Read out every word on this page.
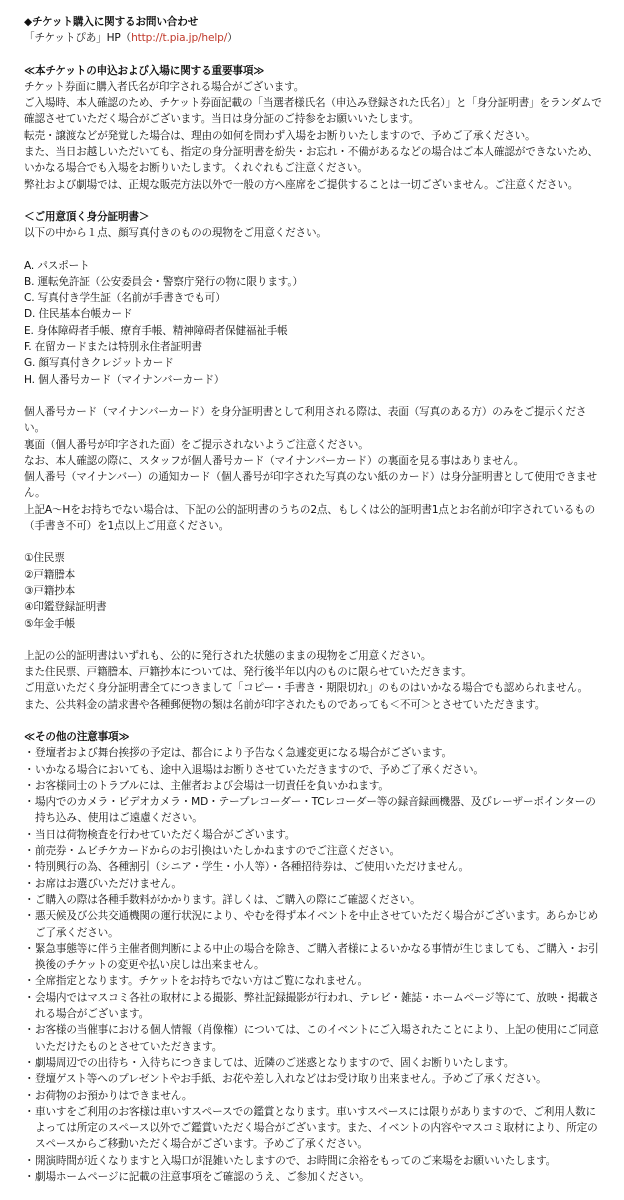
◆チケット購入に関するお問い合わせ
「チケットぴあ」HP（http://t.pia.jp/help/）
≪本チケットの申込および入場に関する重要事項≫
チケット券面に購入者氏名が印字される場合がございます。
ご入場時、本人確認のため、チケット券面記載の「当選者様氏名（申込み登録された氏名）」と「身分証明書」をランダムで確認させていただく場合がございます。当日は身分証のご持参をお願いいたします。
転売・譲渡などが発覚した場合は、理由の如何を問わず入場をお断りいたしますので、予めご了承ください。
また、当日お越しいただいても、指定の身分証明書を紛失・お忘れ・不備があるなどの場合はご本人確認ができないため、いかなる場合でも入場をお断りいたします。くれぐれもご注意ください。
弊社および劇場では、正規な販売方法以外で一般の方へ座席をご提供することは一切ございません。ご注意ください。
＜ご用意頂く身分証明書＞
以下の中から１点、顔写真付きのものの現物をご用意ください。
A. パスポート
B. 運転免許証（公安委員会・警察庁発行の物に限ります。）
C. 写真付き学生証（名前が手書きでも可）
D. 住民基本台帳カード
E. 身体障碍者手帳、療育手帳、精神障碍者保健福祉手帳
F. 在留カードまたは特別永住者証明書
G. 顔写真付きクレジットカード
H. 個人番号カード（マイナンバーカード）
個人番号カード（マイナンバーカード）を身分証明書として利用される際は、表面（写真のある方）のみをご提示ください。
裏面（個人番号が印字された面）をご提示されないようご注意ください。
なお、本人確認の際に、スタッフが個人番号カード（マイナンバーカード）の裏面を見る事はありません。
個人番号（マイナンバー）の通知カード（個人番号が印字された写真のない紙のカード）は身分証明書として使用できません。
上記A～Hをお持ちでない場合は、下記の公的証明書のうちの2点、もしくは公的証明書1点とお名前が印字されているもの（手書き不可）を1点以上ご用意ください。
①住民票
②戸籍謄本
③戸籍抄本
④印鑑登録証明書
⑤年金手帳
上記の公的証明書はいずれも、公的に発行された状態のままの現物をご用意ください。
また住民票、戸籍謄本、戸籍抄本については、発行後半年以内のものに限らせていただきます。
ご用意いただく身分証明書全てにつきまして「コピー・手書き・期限切れ」のものはいかなる場合でも認められません。
また、公共料金の請求書や各種郵便物の類は名前が印字されたものであっても＜不可＞とさせていただきます。
≪その他の注意事項≫
・ 登壇者および舞台挨拶の予定は、都合により予告なく急遽変更になる場合がございます。
・ いかなる場合においても、途中入退場はお断りさせていただきますので、予めご了承ください。
・ お客様同士のトラブルには、主催者および会場は一切責任を負いかねます。
・ 場内でのカメラ・ビデオカメラ・MD・テープレコーダー・TCレコーダー等の録音録画機器、及びレーザーポインターの持ち込み、使用はご遠慮ください。
・ 当日は荷物検査を行わせていただく場合がございます。
・ 前売券・ムビチケカードからのお引換はいたしかねますのでご注意ください。
・ 特別興行の為、各種割引（シニア・学生・小人等）・各種招待券は、ご使用いただけません。
・ お席はお選びいただけません。
・ ご購入の際は各種手数料がかかります。詳しくは、ご購入の際にご確認ください。
・ 悪天候及び公共交通機関の運行状況により、やむを得ず本イベントを中止させていただく場合がございます。あらかじめご了承ください。
・ 緊急事態等に伴う主催者側判断による中止の場合を除き、ご購入者様によるいかなる事情が生じましても、ご購入・お引換後のチケットの変更や払い戻しは出来ません。
・ 全席指定となります。チケットをお持ちでない方はご覧になれません。
・ 会場内ではマスコミ各社の取材による撮影、弊社記録撮影が行われ、テレビ・雑誌・ホームページ等にて、放映・掲載される場合がございます。
・ お客様の当催事における個人情報（肖像権）については、このイベントにご入場されたことにより、上記の使用にご同意いただけたものとさせていただきます。
・ 劇場周辺での出待ち・入待ちにつきましては、近隣のご迷惑となりますので、固くお断りいたします。
・ 登壇ゲスト等へのプレゼントやお手紙、お花や差し入れなどはお受け取り出来ません。予めご了承ください。
・ お荷物のお預かりはできません。
・ 車いすをご利用のお客様は車いすスペースでの鑑賞となります。車いすスペースには限りがありますので、ご利用人数によっては所定のスペース以外でご鑑賞いただく場合がございます。また、イベントの内容やマスコミ取材により、所定のスペースからご移動いただく場合がございます。予めご了承ください。
・ 開演時間が近くなりますと入場口が混雑いたしますので、お時間に余裕をもってのご来場をお願いいたします。
・ 劇場ホームページに記載の注意事項をご確認のうえ、ご参加ください。
